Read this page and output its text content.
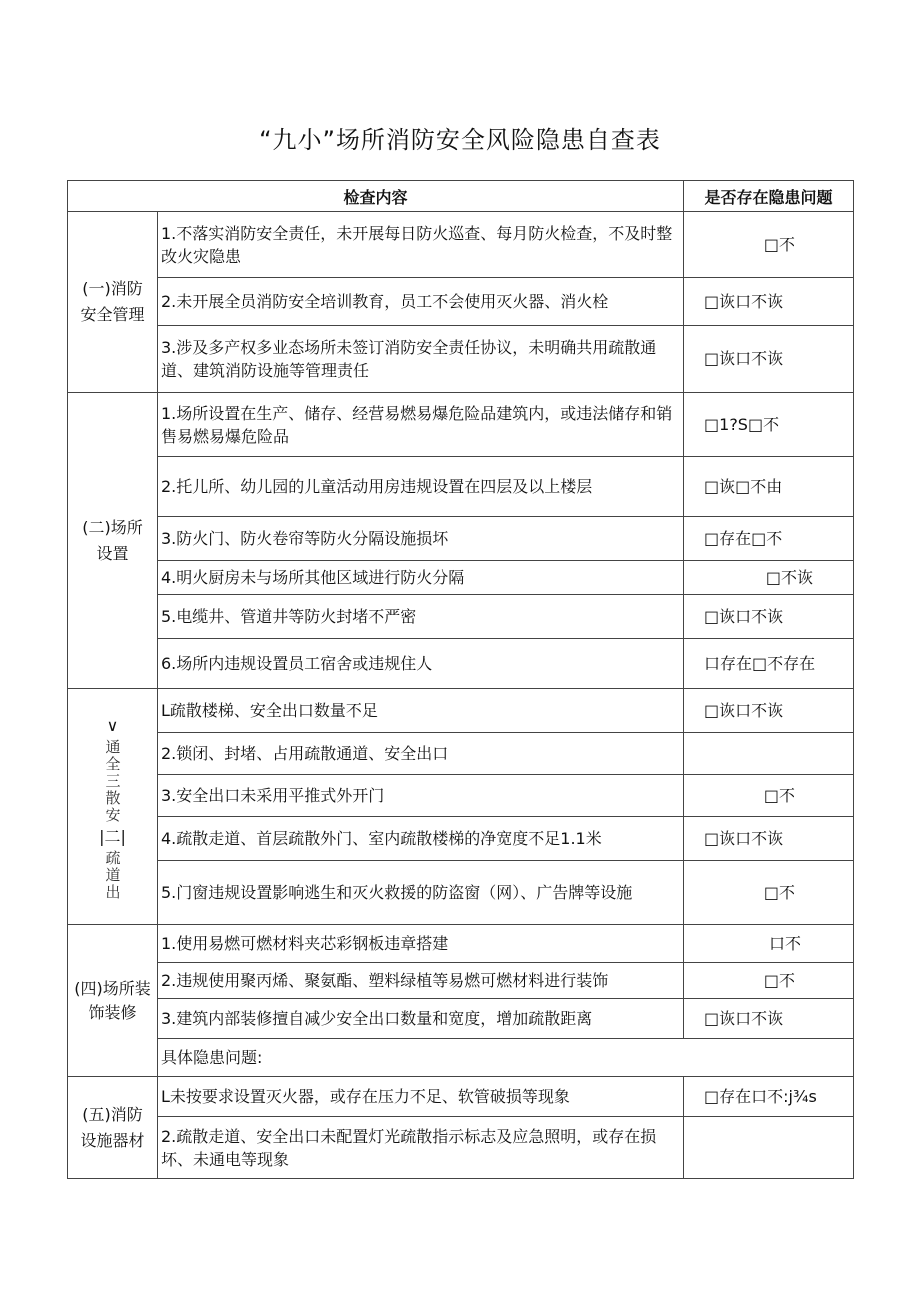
“九小”场所消防安全风险隐患自查表
检查内容		是否存在隐患问题

(一)消防安全管理	1.不落实消防安全责任，未开展每日防火巡查、每月防火检查，不及时整改火灾隐患	□不
	2.未开展全员消防安全培训教育，员工不会使用灭火器、消火栓	□诙口不诙
	3.涉及多产权多业态场所未签订消防安全责任协议，未明确共用疏散通道、建筑消防设施等管理责任	□诙口不诙

(二)场所设置	1.场所设置在生产、储存、经营易燃易爆危险品建筑内，或违法储存和销售易燃易爆危险品	□1?S□不
	2.托儿所、幼儿园的儿童活动用房违规设置在四层及以上楼层	□诙□不由
	3.防火门、防火卷帘等防火分隔设施损坏	□存在□不
	4.明火厨房未与场所其他区域进行防火分隔	□不诙
	5.电缆井、管道井等防火封堵不严密	□诙口不诙
	6.场所内违规设置员工宿舍或违规住人	口存在□不存在

∨
通全三散安
|二|
疏道出	L疏散楼梯、安全出口数量不足	□诙口不诙
	2.锁闭、封堵、占用疏散通道、安全出口	
	3.安全出口未采用平推式外开门	□不
	4.疏散走道、首层疏散外门、室内疏散楼梯的净宽度不足1.1米	□诙口不诙
	5.门窗违规设置影响逃生和灭火救援的防盗窗（网）、广告牌等设施	□不

(四)场所装饰装修	1.使用易燃可燃材料夹芯彩钢板违章搭建	口不
	2.违规使用聚丙烯、聚氨酯、塑料绿植等易燃可燃材料进行装饰	□不
	3.建筑内部装修擅自减少安全出口数量和宽度，增加疏散距离	□诙口不诙
	具体隐患问题:	

(五)消防设施器材	L未按要求设置灭火器，或存在压力不足、软管破损等现象	□存在口不:j¾s
	2.疏散走道、安全出口未配置灯光疏散指示标志及应急照明，或存在损坏、未通电等现象	
